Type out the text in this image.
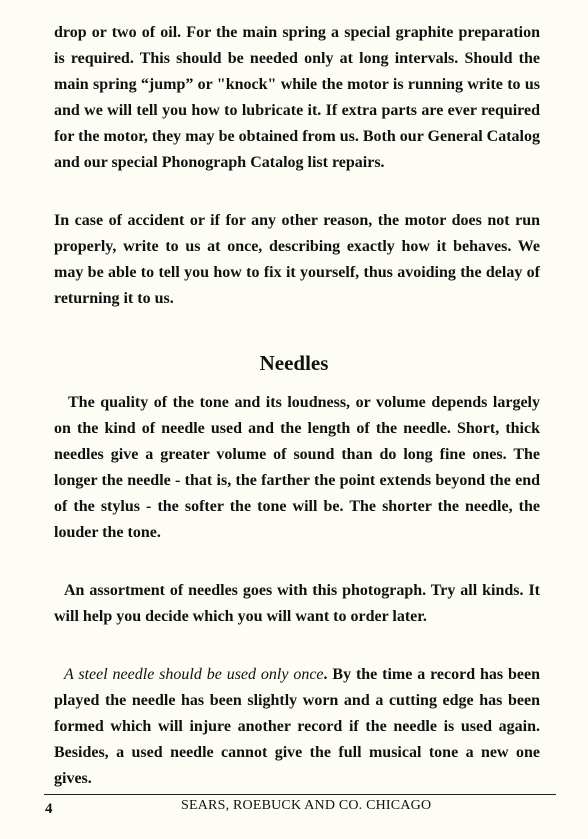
drop or two of oil. For the main spring a special graphite preparation is required. This should be needed only at long intervals. Should the main spring “jump” or "knock" while the motor is running write to us and we will tell you how to lubricate it. If extra parts are ever required for the motor, they may be obtained from us. Both our General Catalog and our special Phonograph Catalog list repairs.

In case of accident or if for any other reason, the motor does not run properly, write to us at once, describing exactly how it behaves. We may be able to tell you how to fix it yourself, thus avoiding the delay of returning it to us.

Needles

The quality of the tone and its loudness, or volume depends largely on the kind of needle used and the length of the needle. Short, thick needles give a greater volume of sound than do long fine ones. The longer the needle - that is, the farther the point extends beyond the end of the stylus - the softer the tone will be. The shorter the needle, the louder the tone.

An assortment of needles goes with this photograph. Try all kinds. It will help you decide which you will want to order later.

A steel needle should be used only once. By the time a record has been played the needle has been slightly worn and a cutting edge has been formed which will injure another record if the needle is used again. Besides, a used needle cannot give the full musical tone a new one gives.

4	SEARS, ROEBUCK AND CO. CHICAGO
